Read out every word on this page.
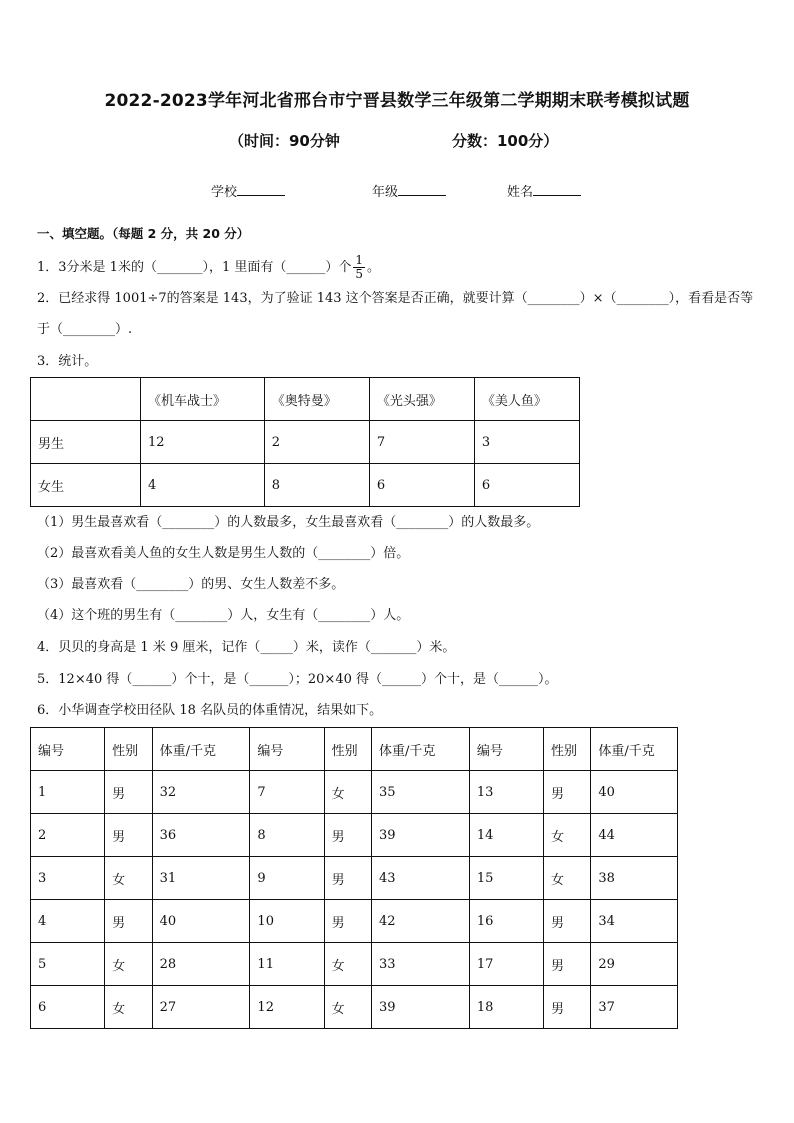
2022-2023学年河北省邢台市宁晋县数学三年级第二学期期末联考模拟试题
（时间：90分钟	分数：100分）
学校	年级	姓名
一、填空题。（每题 2 分，共 20 分）
1．3分米是 1米的（_______），1 里面有（______）个 $\frac{1}{5}$ 。
2．已经求得 1001÷7的答案是 143，为了验证 143 这个答案是否正确，就要计算（________）×（________），看看是否等于（________）.
3．统计。
	《机车战士》	《奥特曼》	《光头强》	《美人鱼》
男生	12	2	7	3
女生	4	8	6	6
（1）男生最喜欢看（________）的人数最多，女生最喜欢看（________）的人数最多。
（2）最喜欢看美人鱼的女生人数是男生人数的（________）倍。
（3）最喜欢看（________）的男、女生人数差不多。
（4）这个班的男生有（________）人，女生有（________）人。
4．贝贝的身高是 1 米 9 厘米，记作（_____）米，读作（_______）米。
5．12×40 得（______）个十，是（______）；20×40 得（______）个十，是（______）。
6．小华调查学校田径队 18 名队员的体重情况，结果如下。
编号	性别	体重/千克	编号	性别	体重/千克	编号	性别	体重/千克
1	男	32	7	女	35	13	男	40
2	男	36	8	男	39	14	女	44
3	女	31	9	男	43	15	女	38
4	男	40	10	男	42	16	男	34
5	女	28	11	女	33	17	男	29
6	女	27	12	女	39	18	男	37
